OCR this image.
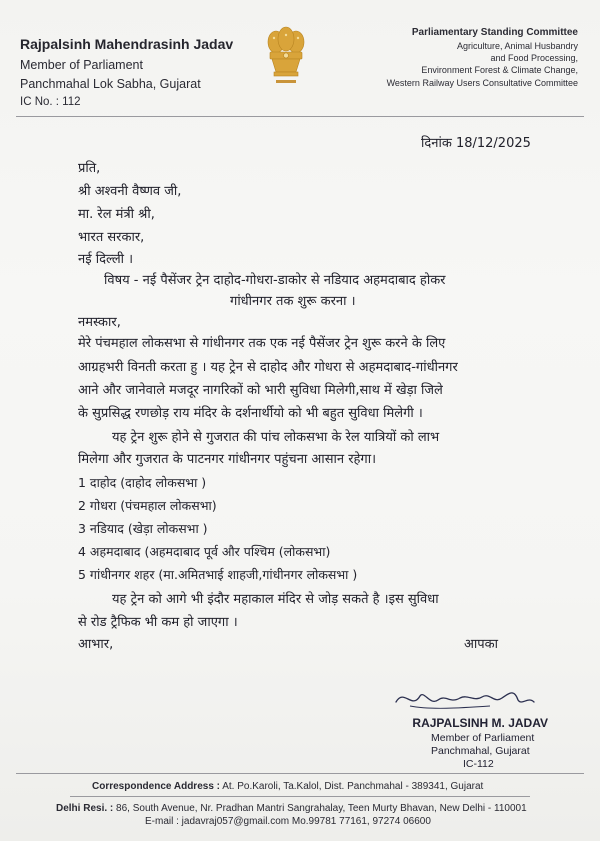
Rajpalsinh Mahendrasinh Jadav
Member of Parliament
Panchmahal Lok Sabha, Gujarat
IC No. : 112
Parliamentary Standing Committee
Agriculture, Animal Husbandry
and Food Processing,
Environment Forest & Climate Change,
Western Railway Users Consultative Committee
दिनांक 18/12/2025
प्रति,
श्री अश्वनी वैष्णव जी,
मा. रेल मंत्री श्री,
भारत सरकार,
नई दिल्ली ।
विषय - नई पैसेंजर ट्रेन दाहोद-गोधरा-डाकोर से नडियाद अहमदाबाद होकर
गांधीनगर तक शुरू करना ।
नमस्कार,
मेरे पंचमहाल लोकसभा से गांधीनगर तक एक नई पैसेंजर ट्रेन शुरू करने के लिए
आग्रहभरी विनती करता हु । यह ट्रेन से दाहोद और गोधरा से अहमदाबाद-गांधीनगर
आने और जानेवाले मजदूर नागरिकों को भारी सुविधा मिलेगी,साथ में खेड़ा जिले
के सुप्रसिद्ध रणछोड़ राय मंदिर के दर्शनार्थीयो को भी बहुत सुविधा मिलेगी ।
यह ट्रेन शुरू होने से गुजरात की पांच लोकसभा के रेल यात्रियों को लाभ
मिलेगा और गुजरात के पाटनगर गांधीनगर पहुंचना आसान रहेगा।
1 दाहोद (दाहोद लोकसभा )
2 गोधरा (पंचमहाल लोकसभा)
3 नडियाद (खेड़ा लोकसभा )
4 अहमदाबाद (अहमदाबाद पूर्व और पश्चिम (लोकसभा)
5 गांधीनगर शहर (मा.अमितभाई शाहजी,गांधीनगर लोकसभा )
यह ट्रेन को आगे भी इंदौर महाकाल मंदिर से जोड़ सकते है ।इस सुविधा
से रोड ट्रैफिक भी कम हो जाएगा ।
आभार,	आपका
RAJPALSINH M. JADAV
Member of Parliament
Panchmahal, Gujarat
IC-112
Correspondence Address : At. Po.Karoli, Ta.Kalol, Dist. Panchmahal - 389341, Gujarat
Delhi Resi. : 86, South Avenue, Nr. Pradhan Mantri Sangrahalay, Teen Murty Bhavan, New Delhi - 110001
E-mail : jadavraj057@gmail.com Mo.99781 77161, 97274 06600
